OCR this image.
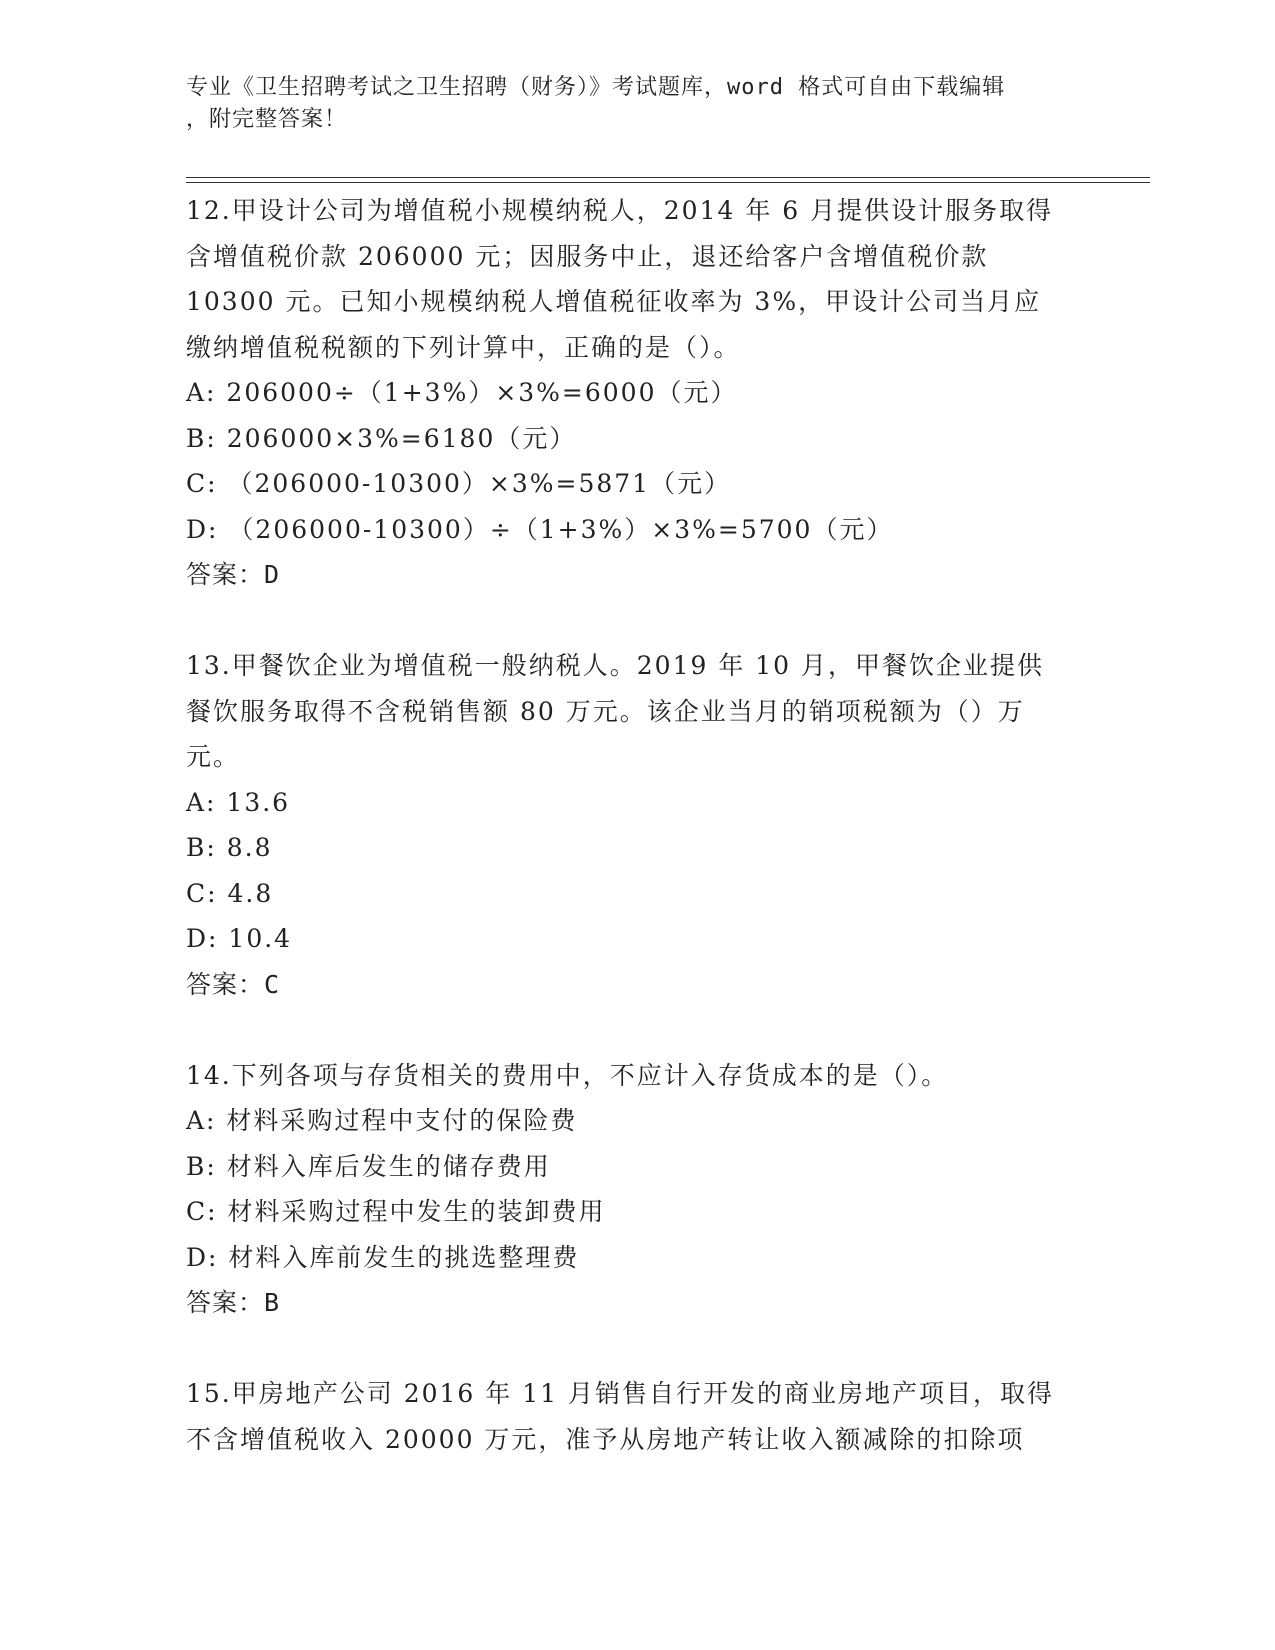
专业《卫生招聘考试之卫生招聘（财务）》考试题库，word 格式可自由下载编辑
，附完整答案！

12.甲设计公司为增值税小规模纳税人，2014 年 6 月提供设计服务取得
含增值税价款 206000 元；因服务中止，退还给客户含增值税价款
10300 元。已知小规模纳税人增值税征收率为 3%，甲设计公司当月应
缴纳增值税税额的下列计算中，正确的是（）。

A: 206000÷（1+3%）×3%=6000（元）

B: 206000×3%=6180（元）

C: （206000-10300）×3%=5871（元）

D: （206000-10300）÷（1+3%）×3%=5700（元）

答案：D

13.甲餐饮企业为增值税一般纳税人。2019 年 10 月，甲餐饮企业提供
餐饮服务取得不含税销售额 80 万元。该企业当月的销项税额为（）万
元。

A: 13.6

B: 8.8

C: 4.8

D: 10.4

答案：C

14.下列各项与存货相关的费用中，不应计入存货成本的是（）。

A: 材料采购过程中支付的保险费

B: 材料入库后发生的储存费用

C: 材料采购过程中发生的装卸费用

D: 材料入库前发生的挑选整理费

答案：B

15.甲房地产公司 2016 年 11 月销售自行开发的商业房地产项目，取得
不含增值税收入 20000 万元，准予从房地产转让收入额减除的扣除项
